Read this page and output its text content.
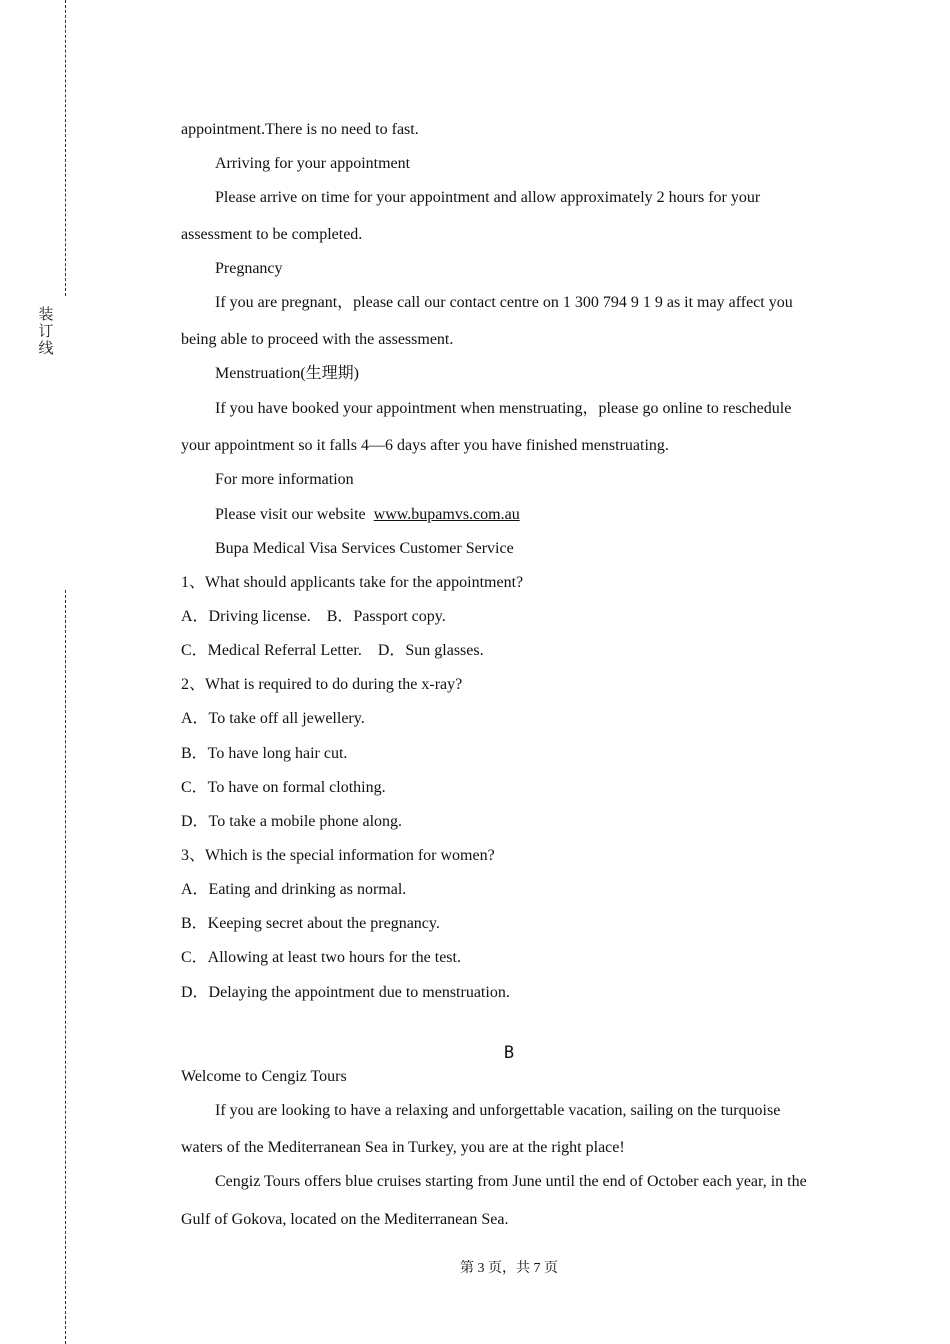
装
订
线
appointment.There is no need to fast.
Arriving for your appointment
Please arrive on time for your appointment and allow approximately 2 hours for your
assessment to be completed.
Pregnancy
If you are pregnant，please call our contact centre on 1 300 794 9 1 9 as it may affect you
being able to proceed with the assessment.
Menstruation(生理期)
If you have booked your appointment when menstruating，please go online to reschedule
your appointment so it falls 4—6 days after you have finished menstruating.
For more information
Please visit our website www.bupamvs.com.au
Bupa Medical Visa Services Customer Service
1、What should applicants take for the appointment?
A．Driving license.    B．Passport copy.
C．Medical Referral Letter.    D．Sun glasses.
2、What is required to do during the x-ray?
A．To take off all jewellery.
B．To have long hair cut.
C．To have on formal clothing.
D．To take a mobile phone along.
3、Which is the special information for women?
A．Eating and drinking as normal.
B．Keeping secret about the pregnancy.
C．Allowing at least two hours for the test.
D．Delaying the appointment due to menstruation.
B
Welcome to Cengiz Tours
If you are looking to have a relaxing and unforgettable vacation, sailing on the turquoise
waters of the Mediterranean Sea in Turkey, you are at the right place!
Cengiz Tours offers blue cruises starting from June until the end of October each year, in the
Gulf of Gokova, located on the Mediterranean Sea.
第 3 页，共 7 页
